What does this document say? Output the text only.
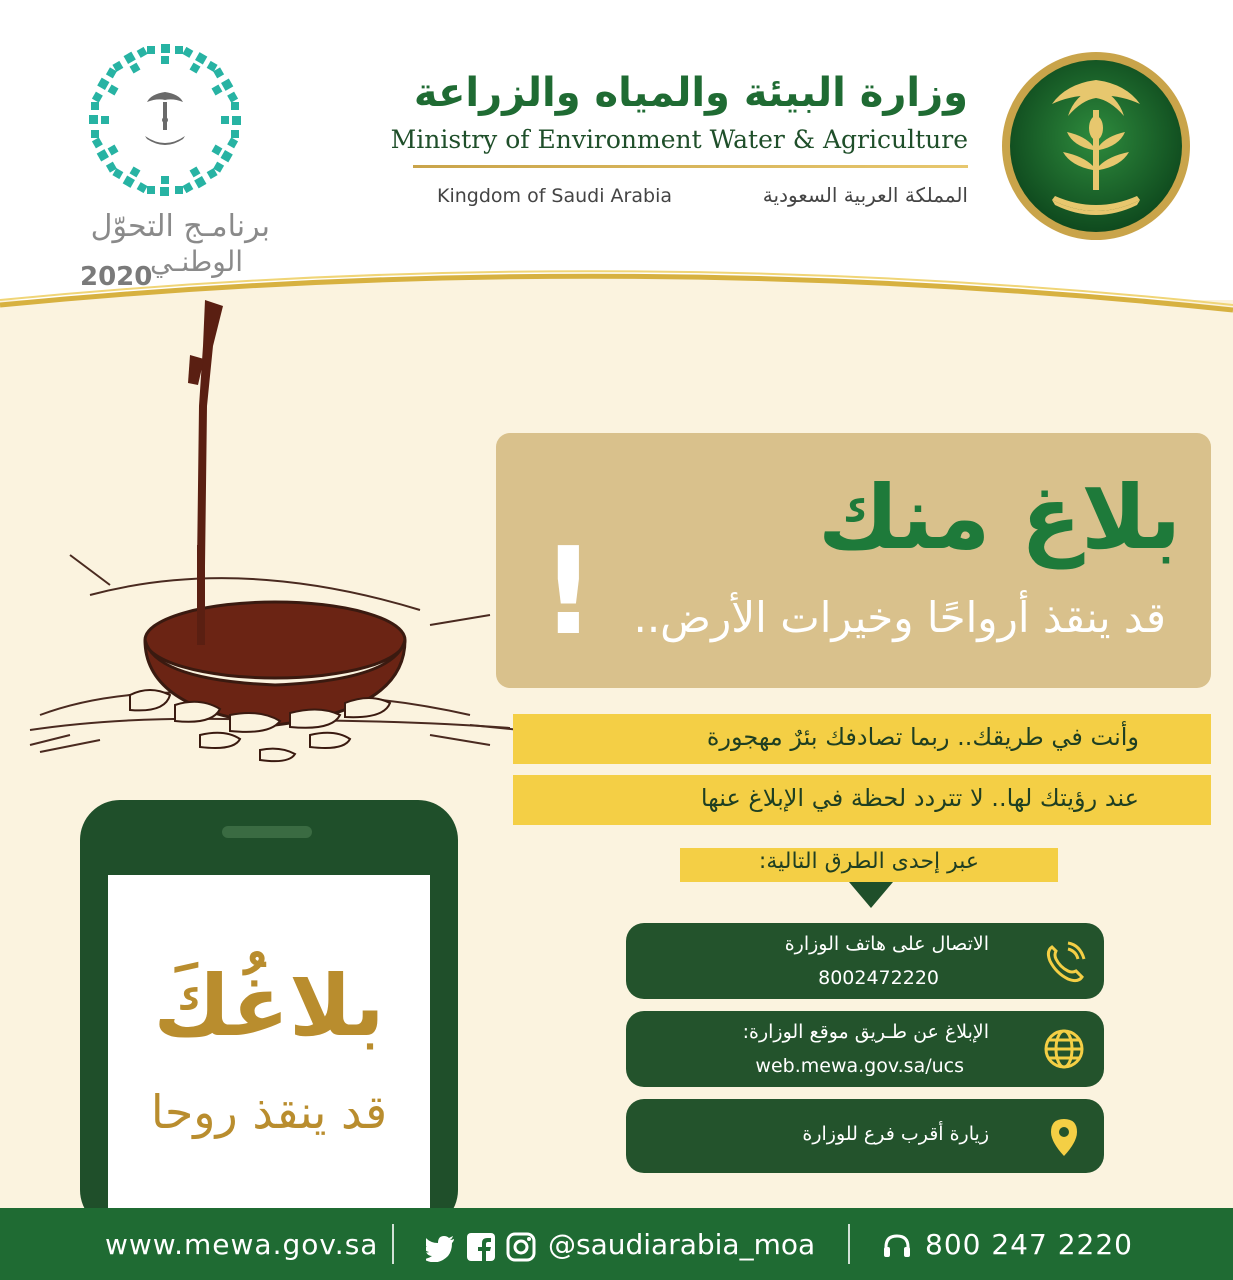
برنامـج التحوّل
الوطنـي
2020
وزارة البيئة والمياه والزراعة
Ministry of Environment Water & Agriculture
Kingdom of Saudi Arabia	المملكة العربية السعودية
بلاغ منك
قد ينقذ أرواحًا وخيرات الأرض..
!
وأنت في طريقك.. ربما تصادفك بئرٌ مهجورة
عند رؤيتك لها.. لا تتردد لحظة في الإبلاغ عنها
عبر إحدى الطرق التالية:
الاتصال على هاتف الوزارة
8002472220
الإبلاغ عن طـريق موقع الوزارة:
web.mewa.gov.sa/ucs
زيارة أقرب فرع للوزارة
بلاغُكَ
قد ينقذ روحا
www.mewa.gov.sa	@saudiarabia_moa	800 247 2220
